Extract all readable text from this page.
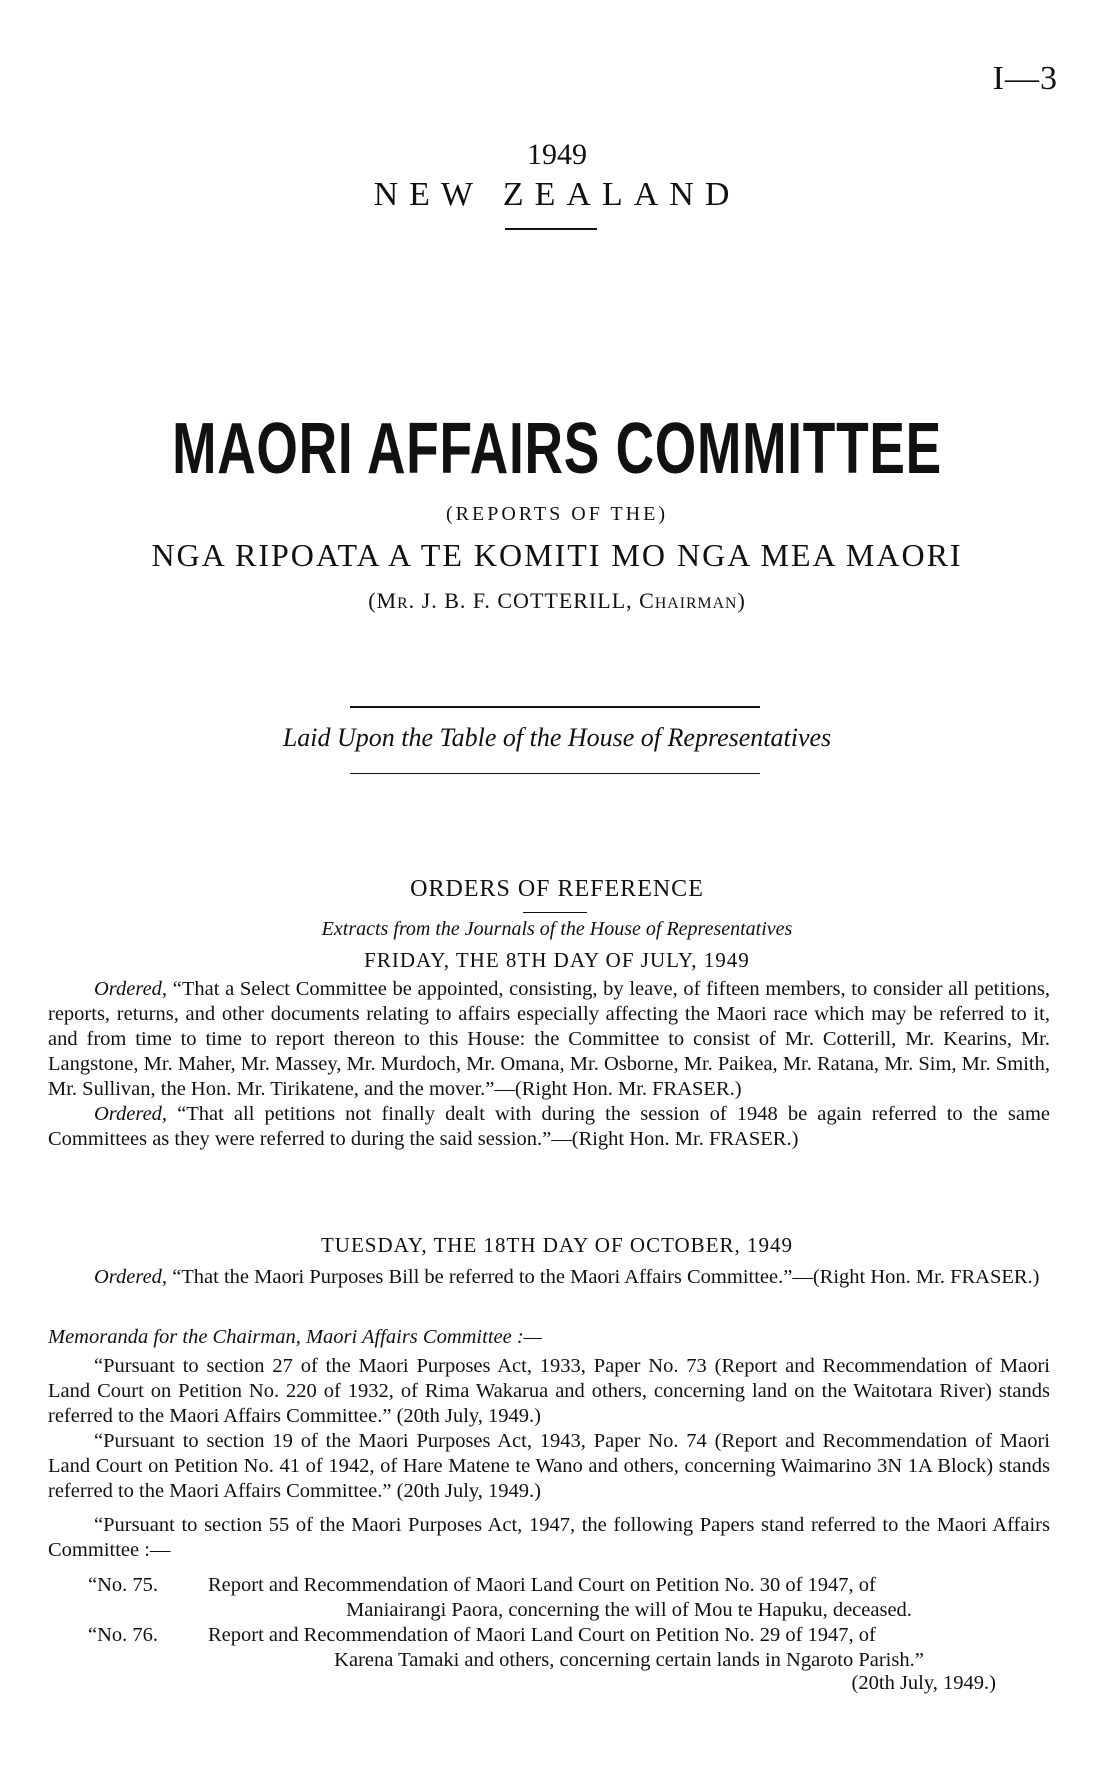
I—3
1949
NEW ZEALAND
MAORI AFFAIRS COMMITTEE
(REPORTS OF THE)
NGA RIPOATA A TE KOMITI MO NGA MEA MAORI
(MR. J. B. F. COTTERILL, CHAIRMAN)
Laid Upon the Table of the House of Representatives
ORDERS OF REFERENCE
Extracts from the Journals of the House of Representatives
FRIDAY, THE 8TH DAY OF JULY, 1949

Ordered, “That a Select Committee be appointed, consisting, by leave, of fifteen members, to consider all petitions, reports, returns, and other documents relating to affairs especially affecting the Maori race which may be referred to it, and from time to time to report thereon to this House: the Committee to consist of Mr. Cotterill, Mr. Kearins, Mr. Langstone, Mr. Maher, Mr. Massey, Mr. Murdoch, Mr. Omana, Mr. Osborne, Mr. Paikea, Mr. Ratana, Mr. Sim, Mr. Smith, Mr. Sullivan, the Hon. Mr. Tirikatene, and the mover.”—(Right Hon. Mr. FRASER.)

Ordered, “That all petitions not finally dealt with during the session of 1948 be again referred to the same Committees as they were referred to during the said session.”—(Right Hon. Mr. FRASER.)

TUESDAY, THE 18TH DAY OF OCTOBER, 1949

Ordered, “That the Maori Purposes Bill be referred to the Maori Affairs Committee.”—(Right Hon. Mr. FRASER.)

Memoranda for the Chairman, Maori Affairs Committee :—

“Pursuant to section 27 of the Maori Purposes Act, 1933, Paper No. 73 (Report and Recommendation of Maori Land Court on Petition No. 220 of 1932, of Rima Wakarua and others, concerning land on the Waitotara River) stands referred to the Maori Affairs Committee.” (20th July, 1949.)

“Pursuant to section 19 of the Maori Purposes Act, 1943, Paper No. 74 (Report and Recommendation of Maori Land Court on Petition No. 41 of 1942, of Hare Matene te Wano and others, concerning Waimarino 3N 1A Block) stands referred to the Maori Affairs Committee.” (20th July, 1949.)

“Pursuant to section 55 of the Maori Purposes Act, 1947, the following Papers stand referred to the Maori Affairs Committee :—

“No. 75.	Report and Recommendation of Maori Land Court on Petition No. 30 of 1947, of
Maniairangi Paora, concerning the will of Mou te Hapuku, deceased.
“No. 76.	Report and Recommendation of Maori Land Court on Petition No. 29 of 1947, of
Karena Tamaki and others, concerning certain lands in Ngaroto Parish.”
(20th July, 1949.)
